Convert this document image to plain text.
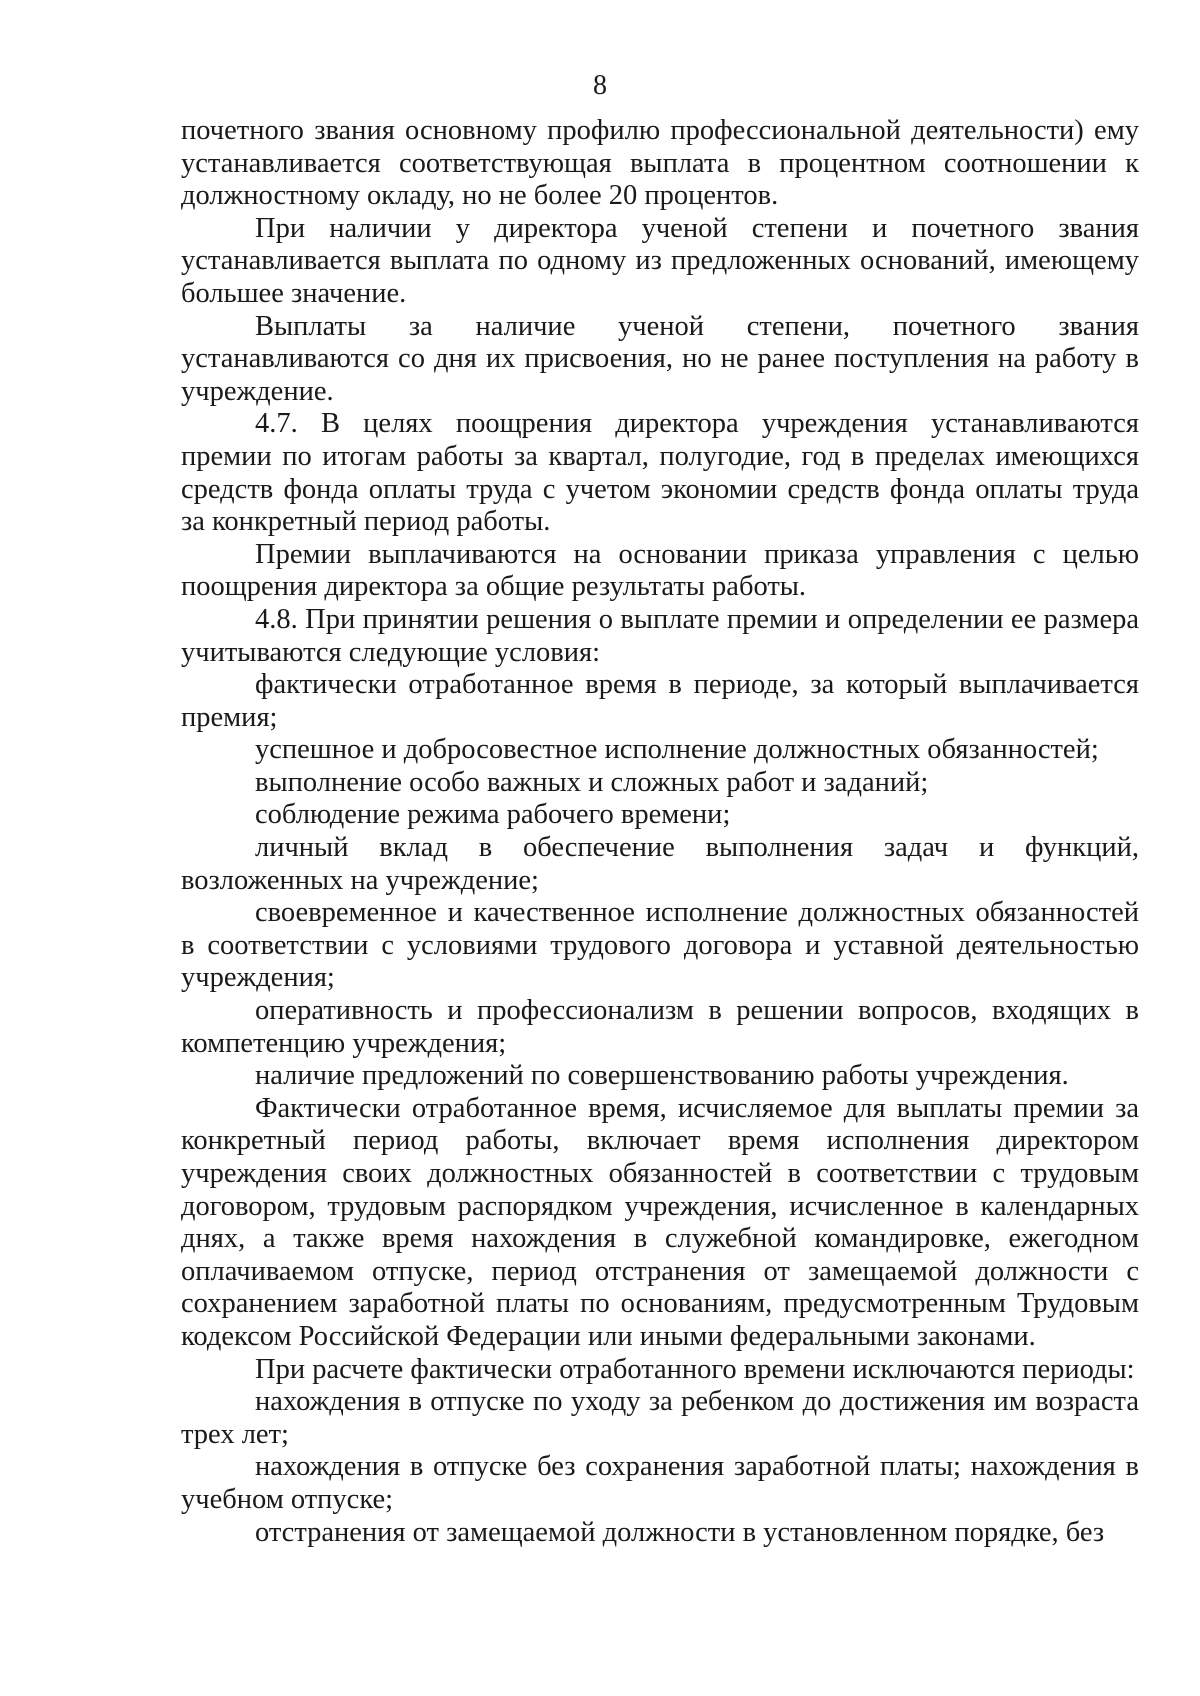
8

почетного звания основному профилю профессиональной деятельности) ему устанавливается соответствующая выплата в процентном соотношении к должностному окладу, но не более 20 процентов.

При наличии у директора ученой степени и почетного звания устанавливается выплата по одному из предложенных оснований, имеющему большее значение.

Выплаты за наличие ученой степени, почетного звания устанавливаются со дня их присвоения, но не ранее поступления на работу в учреждение.

4.7. В целях поощрения директора учреждения устанавливаются премии по итогам работы за квартал, полугодие, год в пределах имеющихся средств фонда оплаты труда с учетом экономии средств фонда оплаты труда за конкретный период работы.

Премии выплачиваются на основании приказа управления с целью поощрения директора за общие результаты работы.

4.8. При принятии решения о выплате премии и определении ее размера учитываются следующие условия:

фактически отработанное время в периоде, за который выплачивается премия;

успешное и добросовестное исполнение должностных обязанностей;

выполнение особо важных и сложных работ и заданий;

соблюдение режима рабочего времени;

личный вклад в обеспечение выполнения задач и функций, возложенных на учреждение;

своевременное и качественное исполнение должностных обязанностей в соответствии с условиями трудового договора и уставной деятельностью учреждения;

оперативность и профессионализм в решении вопросов, входящих в компетенцию учреждения;

наличие предложений по совершенствованию работы учреждения.

Фактически отработанное время, исчисляемое для выплаты премии за конкретный период работы, включает время исполнения директором учреждения своих должностных обязанностей в соответствии с трудовым договором, трудовым распорядком учреждения, исчисленное в календарных днях, а также время нахождения в служебной командировке, ежегодном оплачиваемом отпуске, период отстранения от замещаемой должности с сохранением заработной платы по основаниям, предусмотренным Трудовым кодексом Российской Федерации или иными федеральными законами.

При расчете фактически отработанного времени исключаются периоды:

нахождения в отпуске по уходу за ребенком до достижения им возраста трех лет;

нахождения в отпуске без сохранения заработной платы; нахождения в учебном отпуске;

отстранения от замещаемой должности в установленном порядке, без
